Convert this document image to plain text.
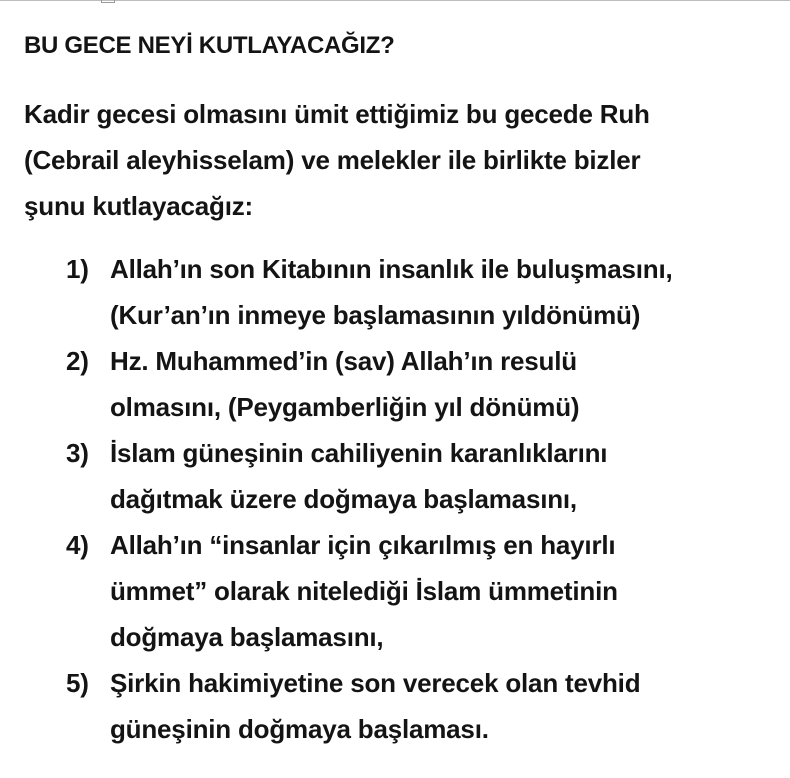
BU GECE NEYİ KUTLAYACAĞIZ?
Kadir gecesi olmasını ümit ettiğimiz bu gecede Ruh
(Cebrail aleyhisselam) ve melekler ile birlikte bizler
şunu kutlayacağız:
1) Allah’ın son Kitabının insanlık ile buluşmasını,
(Kur’an’ın inmeye başlamasının yıldönümü)
2) Hz. Muhammed’in (sav) Allah’ın resulü
olmasını, (Peygamberliğin yıl dönümü)
3) İslam güneşinin cahiliyenin karanlıklarını
dağıtmak üzere doğmaya başlamasını,
4) Allah’ın “insanlar için çıkarılmış en hayırlı
ümmet” olarak nitelediği İslam ümmetinin
doğmaya başlamasını,
5) Şirkin hakimiyetine son verecek olan tevhid
güneşinin doğmaya başlaması.
